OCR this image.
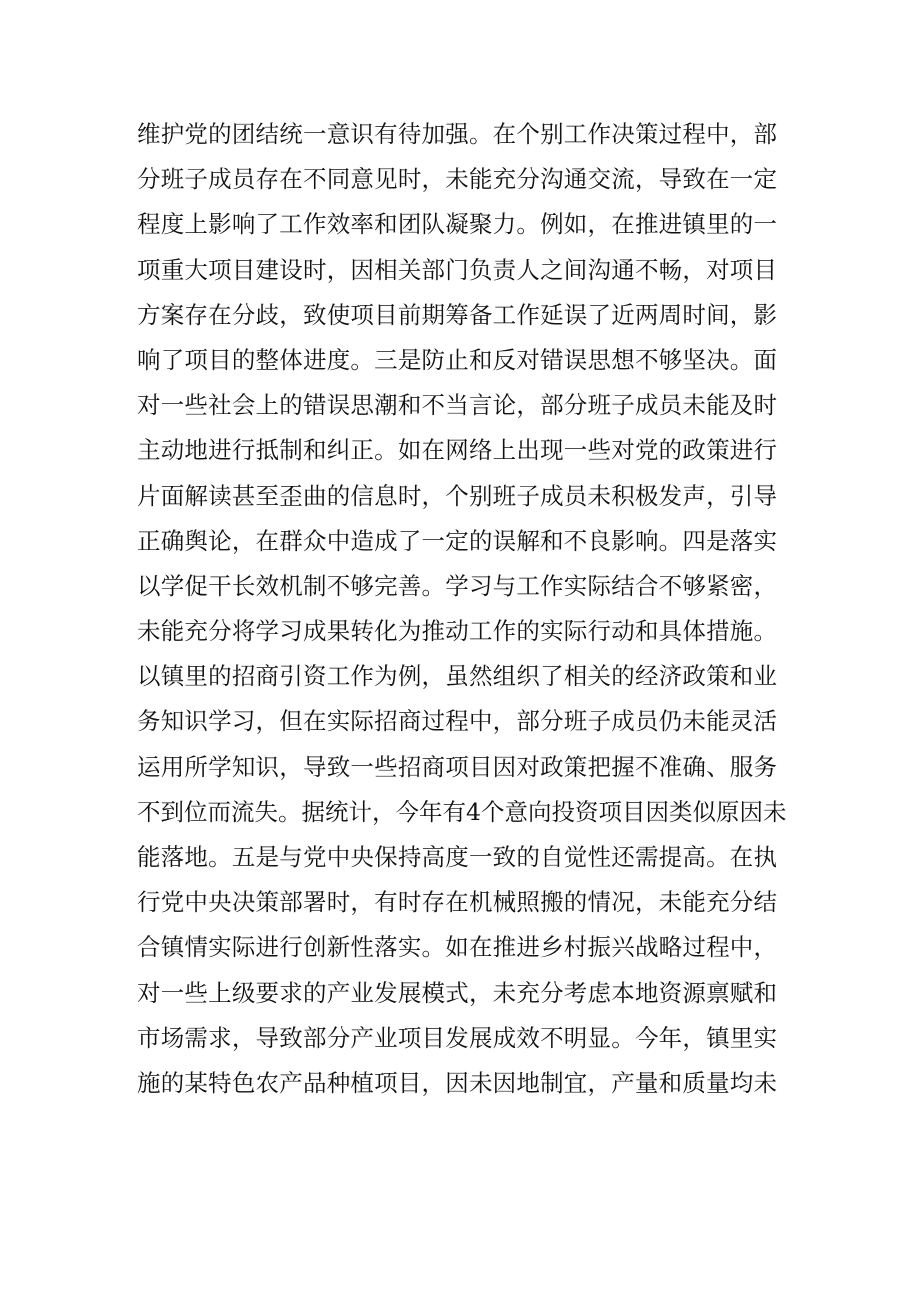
维护党的团结统一意识有待加强。在个别工作决策过程中，部
分班子成员存在不同意见时，未能充分沟通交流，导致在一定
程度上影响了工作效率和团队凝聚力。例如，在推进镇里的一
项重大项目建设时，因相关部门负责人之间沟通不畅，对项目
方案存在分歧，致使项目前期筹备工作延误了近两周时间，影
响了项目的整体进度。三是防止和反对错误思想不够坚决。面
对一些社会上的错误思潮和不当言论，部分班子成员未能及时
主动地进行抵制和纠正。如在网络上出现一些对党的政策进行
片面解读甚至歪曲的信息时，个别班子成员未积极发声，引导
正确舆论，在群众中造成了一定的误解和不良影响。四是落实
以学促干长效机制不够完善。学习与工作实际结合不够紧密，
未能充分将学习成果转化为推动工作的实际行动和具体措施。
以镇里的招商引资工作为例，虽然组织了相关的经济政策和业
务知识学习，但在实际招商过程中，部分班子成员仍未能灵活
运用所学知识，导致一些招商项目因对政策把握不准确、服务
不到位而流失。据统计，今年有4个意向投资项目因类似原因未
能落地。五是与党中央保持高度一致的自觉性还需提高。在执
行党中央决策部署时，有时存在机械照搬的情况，未能充分结
合镇情实际进行创新性落实。如在推进乡村振兴战略过程中，
对一些上级要求的产业发展模式，未充分考虑本地资源禀赋和
市场需求，导致部分产业项目发展成效不明显。今年，镇里实
施的某特色农产品种植项目，因未因地制宜，产量和质量均未
